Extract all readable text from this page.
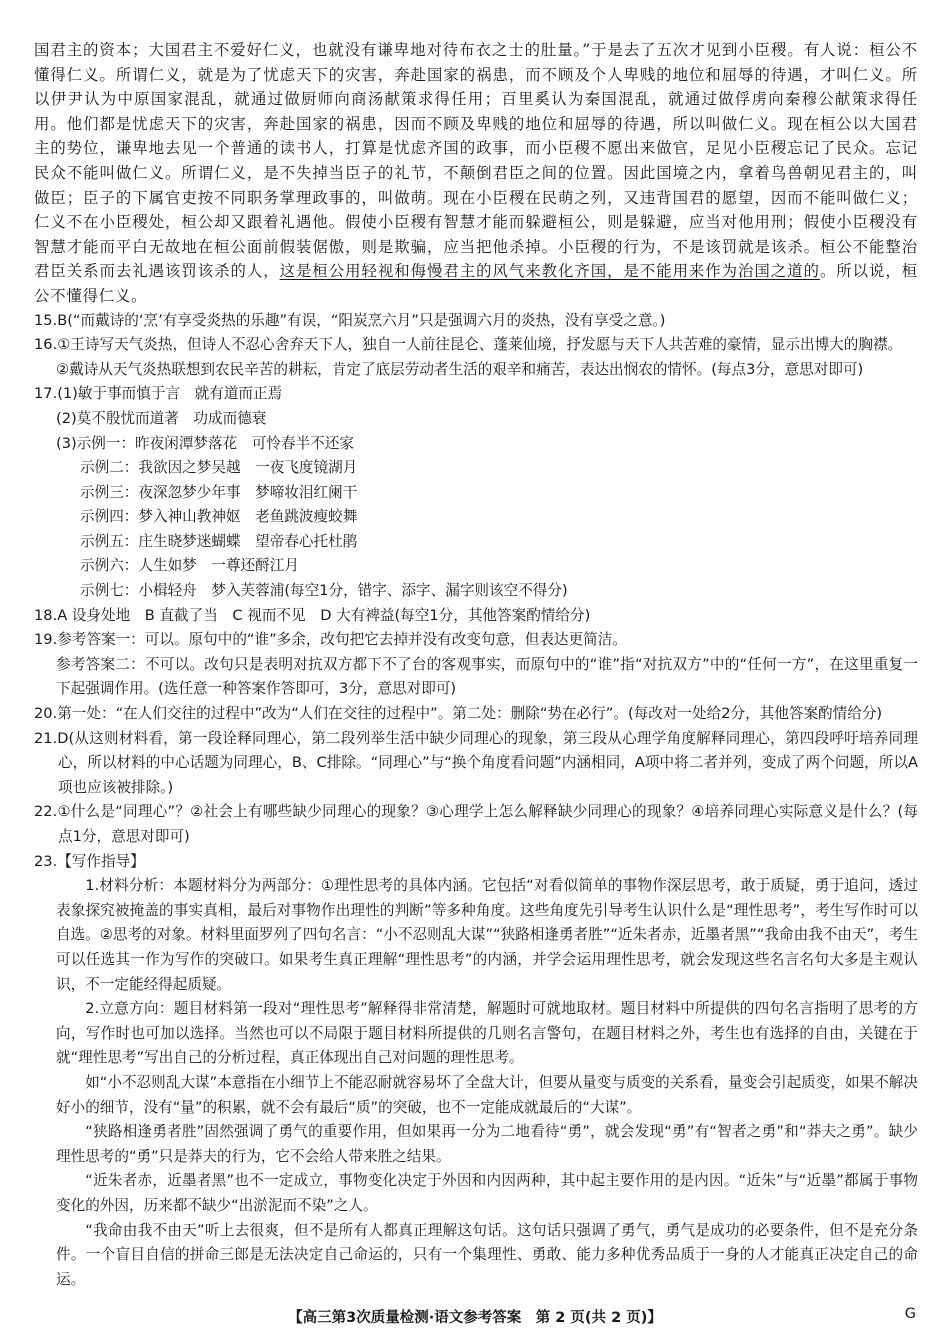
国君主的资本；大国君主不爱好仁义，也就没有谦卑地对待布衣之士的肚量。”于是去了五次才见到小臣稷。有人说：桓公不懂得仁义。所谓仁义，就是为了忧虑天下的灾害，奔赴国家的祸患，而不顾及个人卑贱的地位和屈辱的待遇，才叫仁义。所以伊尹认为中原国家混乱，就通过做厨师向商汤献策求得任用；百里奚认为秦国混乱，就通过做俘虏向秦穆公献策求得任用。他们都是忧虑天下的灾害，奔赴国家的祸患，因而不顾及卑贱的地位和屈辱的待遇，所以叫做仁义。现在桓公以大国君主的势位，谦卑地去见一个普通的读书人，打算是忧虑齐国的政事，而小臣稷不愿出来做官，足见小臣稷忘记了民众。忘记民众不能叫做仁义。所谓仁义，是不失掉当臣子的礼节，不颠倒君臣之间的位置。因此国境之内，拿着鸟兽朝见君主的，叫做臣；臣子的下属官吏按不同职务掌理政事的，叫做萌。现在小臣稷在民萌之列，又违背国君的愿望，因而不能叫做仁义；仁义不在小臣稷处，桓公却又跟着礼遇他。假使小臣稷有智慧才能而躲避桓公，则是躲避，应当对他用刑；假使小臣稷没有智慧才能而平白无故地在桓公面前假装倨傲，则是欺骗，应当把他杀掉。小臣稷的行为，不是该罚就是该杀。桓公不能整治君臣关系而去礼遇该罚该杀的人，这是桓公用轻视和侮慢君主的风气来教化齐国，是不能用来作为治国之道的。所以说，桓公不懂得仁义。

15.B(“而戴诗的‘烹’有享受炎热的乐趣”有误，“阳炭烹六月”只是强调六月的炎热，没有享受之意。)

16.①王诗写天气炎热，但诗人不忍心舍弃天下人，独自一人前往昆仑、蓬莱仙境，抒发愿与天下人共苦难的豪情，显示出博大的胸襟。

②戴诗从天气炎热联想到农民辛苦的耕耘，肯定了底层劳动者生活的艰辛和痛苦，表达出悯农的情怀。(每点3分，意思对即可)

17.(1)敏于事而慎于言　就有道而正焉

(2)莫不殷忧而道著　功成而德衰

(3)示例一：昨夜闲潭梦落花　可怜春半不还家

示例二：我欲因之梦吴越　一夜飞度镜湖月

示例三：夜深忽梦少年事　梦啼妆泪红阑干

示例四：梦入神山教神妪　老鱼跳波瘦蛟舞

示例五：庄生晓梦迷蝴蝶　望帝春心托杜鹃

示例六：人生如梦　一尊还酹江月

示例七：小楫轻舟　梦入芙蓉浦(每空1分，错字、添字、漏字则该空不得分)

18.A 设身处地　B 直截了当　C 视而不见　D 大有裨益(每空1分，其他答案酌情给分)

19.参考答案一：可以。原句中的“谁”多余，改句把它去掉并没有改变句意，但表达更简洁。

参考答案二：不可以。改句只是表明对抗双方都下不了台的客观事实，而原句中的“谁”指“对抗双方”中的“任何一方”，在这里重复一下起强调作用。(选任意一种答案作答即可，3分，意思对即可)

20.第一处：“在人们交往的过程中”改为“人们在交往的过程中”。第二处：删除“势在必行”。(每改对一处给2分，其他答案酌情给分)

21.D(从这则材料看，第一段诠释同理心，第二段列举生活中缺少同理心的现象，第三段从心理学角度解释同理心，第四段呼吁培养同理心，所以材料的中心话题为同理心，B、C排除。“同理心”与“换个角度看问题”内涵相同，A项中将二者并列，变成了两个问题，所以A项也应该被排除。)

22.①什么是“同理心”？②社会上有哪些缺少同理心的现象？③心理学上怎么解释缺少同理心的现象？④培养同理心实际意义是什么？(每点1分，意思对即可)

23.【写作指导】

1.材料分析：本题材料分为两部分：①理性思考的具体内涵。它包括“对看似简单的事物作深层思考，敢于质疑，勇于追问，透过表象探究被掩盖的事实真相，最后对事物作出理性的判断”等多种角度。这些角度先引导考生认识什么是“理性思考”，考生写作时可以自选。②思考的对象。材料里面罗列了四句名言：“小不忍则乱大谋”“狭路相逢勇者胜”“近朱者赤，近墨者黑”“我命由我不由天”，考生可以任选其一作为写作的突破口。如果考生真正理解“理性思考”的内涵，并学会运用理性思考，就会发现这些名言名句大多是主观认识，不一定能经得起质疑。

2.立意方向：题目材料第一段对“理性思考”解释得非常清楚，解题时可就地取材。题目材料中所提供的四句名言指明了思考的方向，写作时也可加以选择。当然也可以不局限于题目材料所提供的几则名言警句，在题目材料之外，考生也有选择的自由，关键在于就“理性思考”写出自己的分析过程，真正体现出自己对问题的理性思考。

如“小不忍则乱大谋”本意指在小细节上不能忍耐就容易坏了全盘大计，但要从量变与质变的关系看，量变会引起质变，如果不解决好小的细节，没有“量”的积累，就不会有最后“质”的突破，也不一定能成就最后的“大谋”。

“狭路相逢勇者胜”固然强调了勇气的重要作用，但如果再一分为二地看待“勇”，就会发现“勇”有“智者之勇”和“莽夫之勇”。缺少理性思考的“勇”只是莽夫的行为，它不会给人带来胜之结果。

“近朱者赤，近墨者黑”也不一定成立，事物变化决定于外因和内因两种，其中起主要作用的是内因。“近朱”与“近墨”都属于事物变化的外因，历来都不缺少“出淤泥而不染”之人。

“我命由我不由天”听上去很爽，但不是所有人都真正理解这句话。这句话只强调了勇气，勇气是成功的必要条件，但不是充分条件。一个盲目自信的拼命三郎是无法决定自己命运的，只有一个集理性、勇敢、能力多种优秀品质于一身的人才能真正决定自己的命运。

【高三第3次质量检测·语文参考答案　第 2 页(共 2 页)】	G
